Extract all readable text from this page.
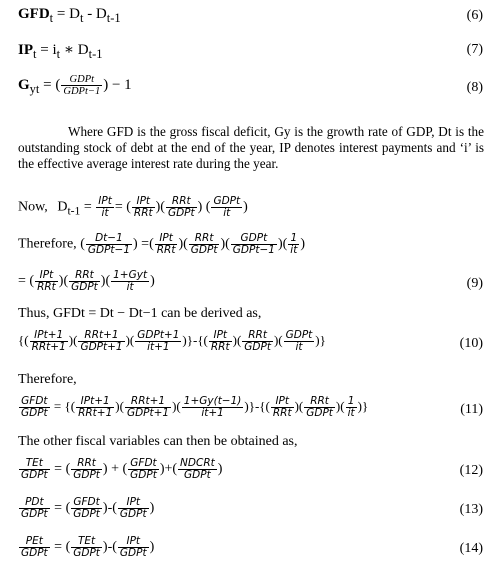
$GFD_t = D_t - D_{t-1}$	(6)
$IP_t = i_t$ ∗ $D_{t-1}$	(7)
$G_{yt}$ = ( $\frac{\text{GDPt}}{\text{GDPt−1}}$ ) − 1	(8)
Where GFD is the gross fiscal deficit, Gy is the growth rate of GDP, Dt is the outstanding stock of debt at the end of the year, IP denotes interest payments and ‘i’ is the effective average interest rate during the year.
Now, $D_{t-1} = \frac{\text{IPt}}{it}$ = ( $\frac{\text{IPt}}{\text{RRt}}$ )( $\frac{\text{RRt}}{\text{GDPt}}$ ) ( $\frac{\text{GDPt}}{it}$ )
Therefore, ( $\frac{Dt-1}{\text{GDPt−1}}$ ) =( $\frac{\text{IPt}}{\text{RRt}}$ )( $\frac{\text{RRt}}{\text{GDPt}}$ )( $\frac{\text{GDPt}}{\text{GDPt−1}}$ )( $\frac{1}{it}$ )
= ( $\frac{\text{IPt}}{\text{RRt}}$ )( $\frac{\text{RRt}}{\text{GDPt}}$ )( $\frac{\text{1+Gyt}}{it}$ )	(9)
Thus, GFDt = Dt − Dt−1 can be derived as,
{( $\frac{\text{IPt+1}}{\text{RRt+1}}$ )( $\frac{\text{RRt+1}}{\text{GDPt+1}}$ )( $\frac{\text{GDPt+1}}{it+1}$ )}-{( $\frac{\text{IPt}}{\text{RRt}}$ )( $\frac{\text{RRt}}{\text{GDPt}}$ )( $\frac{\text{GDPt}}{it}$ )}	(10)
Therefore,
$\frac{\text{GFDt}}{\text{GDPt}}$ = {( $\frac{\text{IPt+1}}{\text{RRt+1}}$ )( $\frac{\text{RRt+1}}{\text{GDPt+1}}$ )( $\frac{1+Gy(t-1)}{it+1}$ )}-{( $\frac{\text{IPt}}{\text{RRt}}$ )( $\frac{\text{RRt}}{\text{GDPt}}$ )( $\frac{1}{it}$ )}	(11)
The other fiscal variables can then be obtained as,
$\frac{\text{TEt}}{\text{GDPt}}$ = ( $\frac{\text{RRt}}{\text{GDPt}}$ ) + ( $\frac{\text{GFDt}}{\text{GDPt}}$ )+( $\frac{\text{NDCRt}}{\text{GDPt}}$ )	(12)
$\frac{\text{PDt}}{\text{GDPt}}$ = ( $\frac{\text{GFDt}}{\text{GDPt}}$ )-( $\frac{\text{IPt}}{\text{GDPt}}$ )	(13)
$\frac{\text{PEt}}{\text{GDPt}}$ = ( $\frac{\text{TEt}}{\text{GDPt}}$ )-( $\frac{\text{IPt}}{\text{GDPt}}$ )	(14)
